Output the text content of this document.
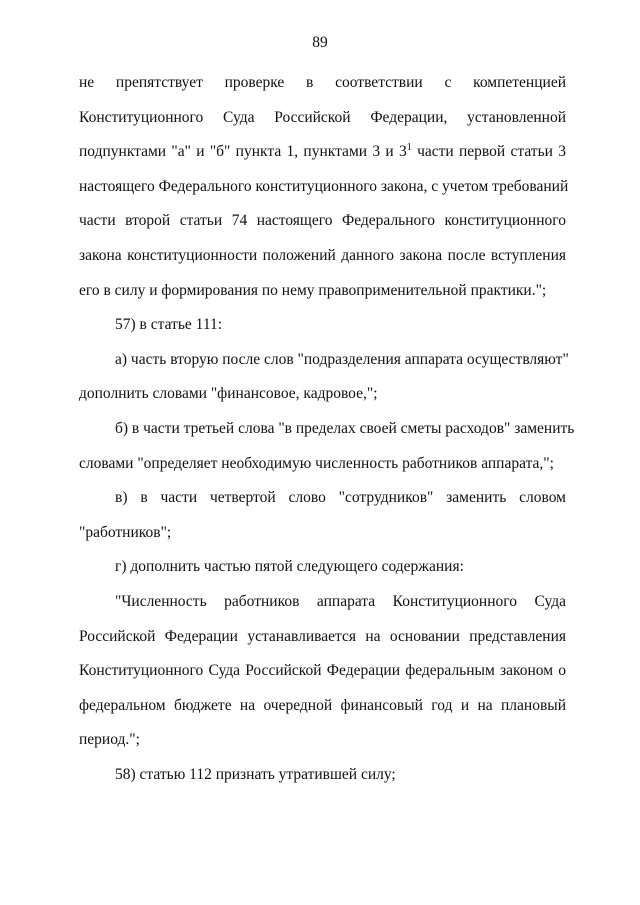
89
не препятствует проверке в соответствии с компетенцией
Конституционного Суда Российской Федерации, установленной
подпунктами "а" и "б" пункта 1, пунктами 3 и $3^1$ части первой статьи 3
настоящего Федерального конституционного закона, с учетом требований
части второй статьи 74 настоящего Федерального конституционного
закона конституционности положений данного закона после вступления
его в силу и формирования по нему правоприменительной практики.";
57) в статье 111:
а) часть вторую после слов "подразделения аппарата осуществляют"
дополнить словами "финансовое, кадровое,";
б) в части третьей слова "в пределах своей сметы расходов" заменить
словами "определяет необходимую численность работников аппарата,";
в) в части четвертой слово "сотрудников" заменить словом
"работников";
г) дополнить частью пятой следующего содержания:
"Численность работников аппарата Конституционного Суда
Российской Федерации устанавливается на основании представления
Конституционного Суда Российской Федерации федеральным законом о
федеральном бюджете на очередной финансовый год и на плановый
период.";
58) статью 112 признать утратившей силу;
